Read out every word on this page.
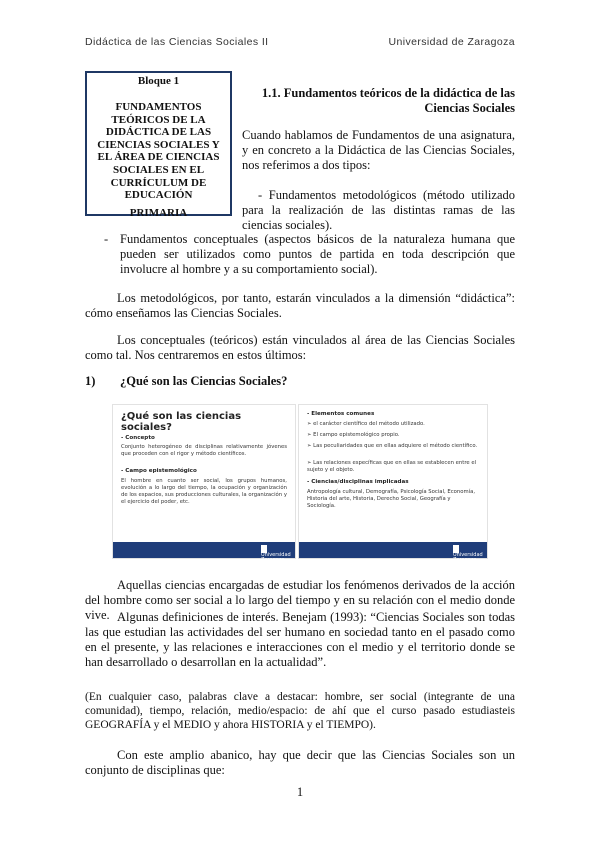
Didáctica de las Ciencias Sociales II	Universidad de Zaragoza
Bloque 1
FUNDAMENTOS TEÓRICOS DE LA DIDÁCTICA DE LAS CIENCIAS SOCIALES Y EL ÁREA DE CIENCIAS SOCIALES EN EL CURRÍCULUM DE EDUCACIÓN
PRIMARIA
1.1. Fundamentos teóricos de la didáctica de las Ciencias Sociales
Cuando hablamos de Fundamentos de una asignatura, y en concreto a la Didáctica de las Ciencias Sociales, nos referimos a dos tipos:
- Fundamentos metodológicos (método utilizado para la realización de las distintas ramas de las ciencias sociales).
- Fundamentos conceptuales (aspectos básicos de la naturaleza humana que pueden ser utilizados como puntos de partida en toda descripción que involucre al hombre y a su comportamiento social).
Los metodológicos, por tanto, estarán vinculados a la dimensión “didáctica”: cómo enseñamos las Ciencias Sociales.
Los conceptuales (teóricos) están vinculados al área de las Ciencias Sociales como tal. Nos centraremos en estos últimos:
1) ¿Qué son las Ciencias Sociales?
¿Qué son las ciencias sociales?
- Concepto
Conjunto heterogéneo de disciplinas relativamente jóvenes que proceden con el rigor y método científicos.
- Campo epistemológico
El hombre en cuanto ser social, los grupos humanos, evolución a lo largo del tiempo, la ocupación y organización de los espacios, sus producciones culturales, la organización y el ejercicio del poder, etc.
Universidad Zaragoza
- Elementos comunes
➢ el carácter científico del método utilizado.
➢ El campo epistemológico propio.
➢ Las peculiaridades que en ellas adquiere el método científico.
➢ Las relaciones específicas que en ellas se establecen entre el sujeto y el objeto.
- Ciencias/disciplinas implicadas
Antropología cultural, Demografía, Psicología Social, Economía, Historia del arte, Historia, Derecho Social, Geografía y Sociología.
Universidad Zaragoza
Aquellas ciencias encargadas de estudiar los fenómenos derivados de la acción del hombre como ser social a lo largo del tiempo y en su relación con el medio donde vive. Algunas definiciones de interés. Benejam (1993): “Ciencias Sociales son todas las que estudian las actividades del ser humano en sociedad tanto en el pasado como en el presente, y las relaciones e interacciones con el medio y el territorio donde se han desarrollado o desarrollan en la actualidad”.
(En cualquier caso, palabras clave a destacar: hombre, ser social (integrante de una comunidad), tiempo, relación, medio/espacio: de ahí que el curso pasado estudiasteis GEOGRAFÍA y el MEDIO y ahora HISTORIA y el TIEMPO).
Con este amplio abanico, hay que decir que las Ciencias Sociales son un conjunto de disciplinas que:
1
